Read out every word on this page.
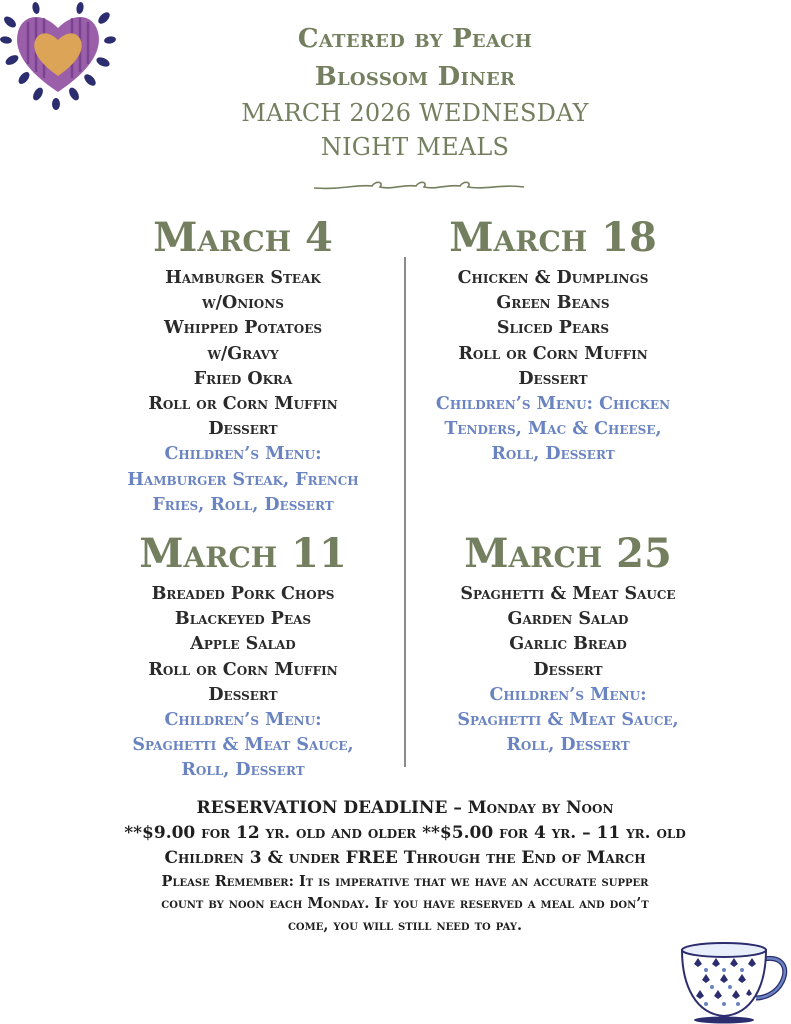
Catered by Peach
Blossom Diner
MARCH 2026 WEDNESDAY
NIGHT MEALS
March 4
Hamburger Steak
w/Onions
Whipped Potatoes
w/Gravy
Fried Okra
Roll or Corn Muffin
Dessert
Children’s Menu:
Hamburger Steak, French
Fries, Roll, Dessert
March 18
Chicken & Dumplings
Green Beans
Sliced Pears
Roll or Corn Muffin
Dessert
Children’s Menu: Chicken
Tenders, Mac & Cheese,
Roll, Dessert
March 11
Breaded Pork Chops
Blackeyed Peas
Apple Salad
Roll or Corn Muffin
Dessert
Children’s Menu:
Spaghetti & Meat Sauce,
Roll, Dessert
March 25
Spaghetti & Meat Sauce
Garden Salad
Garlic Bread
Dessert
Children’s Menu:
Spaghetti & Meat Sauce,
Roll, Dessert
RESERVATION DEADLINE – Monday by Noon
**$9.00 for 12 yr. old and older **$5.00 for 4 yr. – 11 yr. old
Children 3 & under FREE Through the End of March
Please Remember: It is imperative that we have an accurate supper
count by noon each Monday. If you have reserved a meal and don’t
come, you will still need to pay.
